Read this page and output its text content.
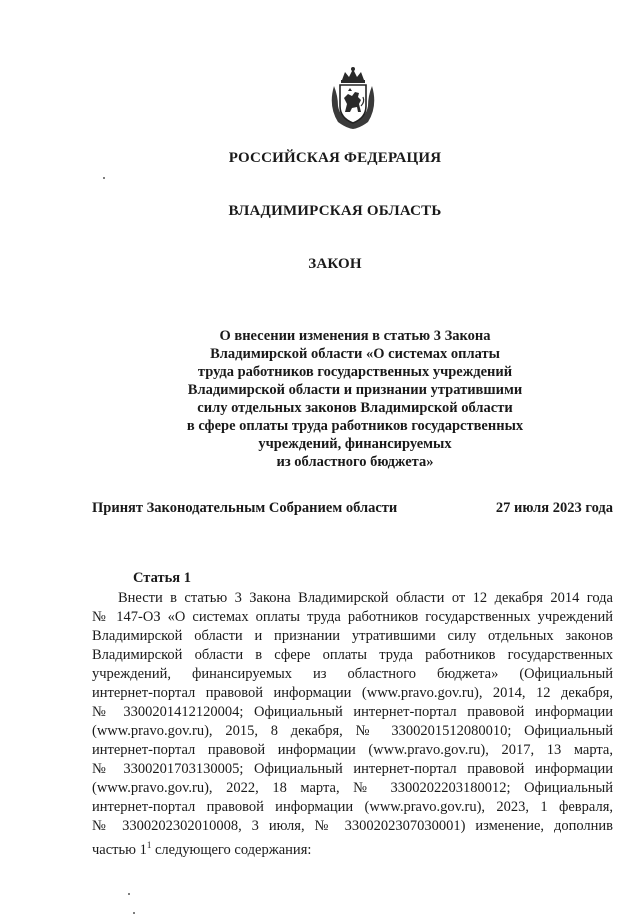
РОССИЙСКАЯ ФЕДЕРАЦИЯ
ВЛАДИМИРСКАЯ ОБЛАСТЬ
ЗАКОН
О внесении изменения в статью 3 Закона
Владимирской области «О системах оплаты
труда работников государственных учреждений
Владимирской области и признании утратившими
силу отдельных законов Владимирской области
в сфере оплаты труда работников государственных
учреждений, финансируемых
из областного бюджета»
Принят Законодательным Собранием области	27 июля 2023 года
Статья 1
Внести в статью 3 Закона Владимирской области от 12 декабря 2014 года
№ 147-ОЗ «О системах оплаты труда работников государственных учреждений
Владимирской области и признании утратившими силу отдельных законов
Владимирской области в сфере оплаты труда работников государственных
учреждений, финансируемых из областного бюджета» (Официальный
интернет-портал правовой информации (www.pravo.gov.ru), 2014, 12 декабря,
№ 3300201412120004; Официальный интернет-портал правовой информации
(www.pravo.gov.ru), 2015, 8 декабря, № 3300201512080010; Официальный
интернет-портал правовой информации (www.pravo.gov.ru), 2017, 13 марта,
№ 3300201703130005; Официальный интернет-портал правовой информации
(www.pravo.gov.ru), 2022, 18 марта, № 3300202203180012; Официальный
интернет-портал правовой информации (www.pravo.gov.ru), 2023, 1 февраля,
№ 3300202302010008, 3 июля, № 3300202307030001) изменение, дополнив
частью $1^1$ следующего содержания:
